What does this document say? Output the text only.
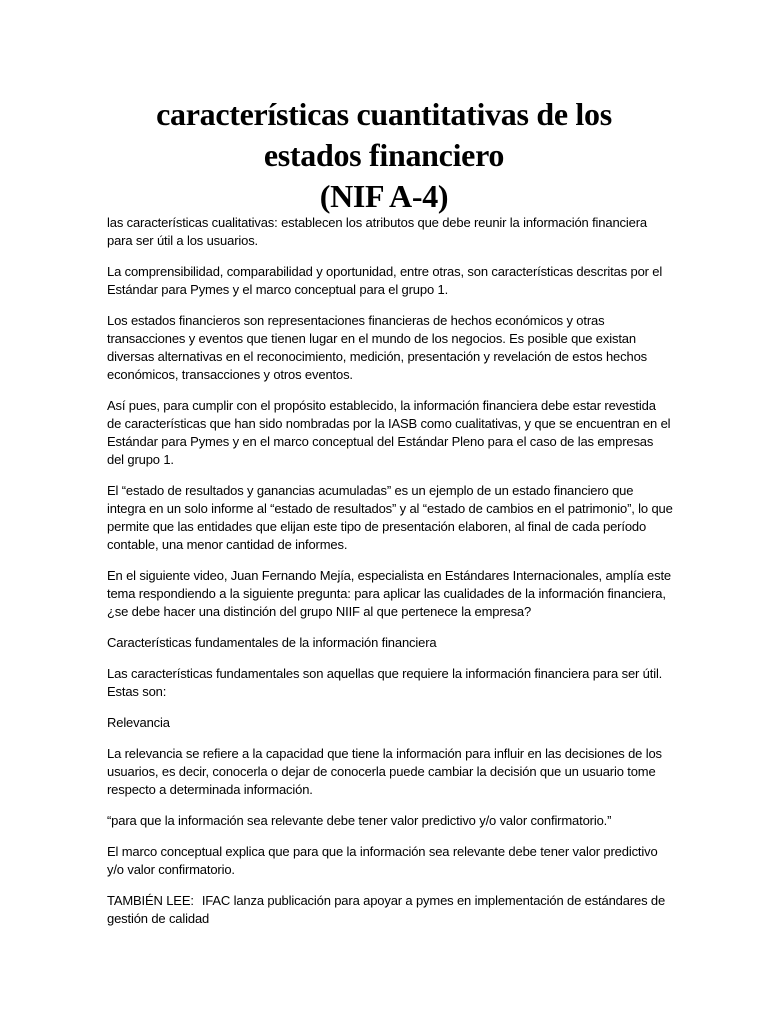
características cuantitativas de los
estados financiero
(NIF A-4)

las características cualitativas: establecen los atributos que debe reunir la información financiera para ser útil a los usuarios.

La comprensibilidad, comparabilidad y oportunidad, entre otras, son características descritas por el Estándar para Pymes y el marco conceptual para el grupo 1.

Los estados financieros son representaciones financieras de hechos económicos y otras transacciones y eventos que tienen lugar en el mundo de los negocios. Es posible que existan diversas alternativas en el reconocimiento, medición, presentación y revelación de estos hechos económicos, transacciones y otros eventos.

Así pues, para cumplir con el propósito establecido, la información financiera debe estar revestida de características que han sido nombradas por la IASB como cualitativas, y que se encuentran en el Estándar para Pymes y en el marco conceptual del Estándar Pleno para el caso de las empresas del grupo 1.

El “estado de resultados y ganancias acumuladas” es un ejemplo de un estado financiero que integra en un solo informe al “estado de resultados” y al “estado de cambios en el patrimonio”, lo que permite que las entidades que elijan este tipo de presentación elaboren, al final de cada período contable, una menor cantidad de informes.

En el siguiente video, Juan Fernando Mejía, especialista en Estándares Internacionales, amplía este tema respondiendo a la siguiente pregunta: para aplicar las cualidades de la información financiera, ¿se debe hacer una distinción del grupo NIIF al que pertenece la empresa?

Características fundamentales de la información financiera

Las características fundamentales son aquellas que requiere la información financiera para ser útil. Estas son:

Relevancia

La relevancia se refiere a la capacidad que tiene la información para influir en las decisiones de los usuarios, es decir, conocerla o dejar de conocerla puede cambiar la decisión que un usuario tome respecto a determinada información.

“para que la información sea relevante debe tener valor predictivo y/o valor confirmatorio.”

El marco conceptual explica que para que la información sea relevante debe tener valor predictivo y/o valor confirmatorio.

TAMBIÉN LEE: IFAC lanza publicación para apoyar a pymes en implementación de estándares de gestión de calidad
